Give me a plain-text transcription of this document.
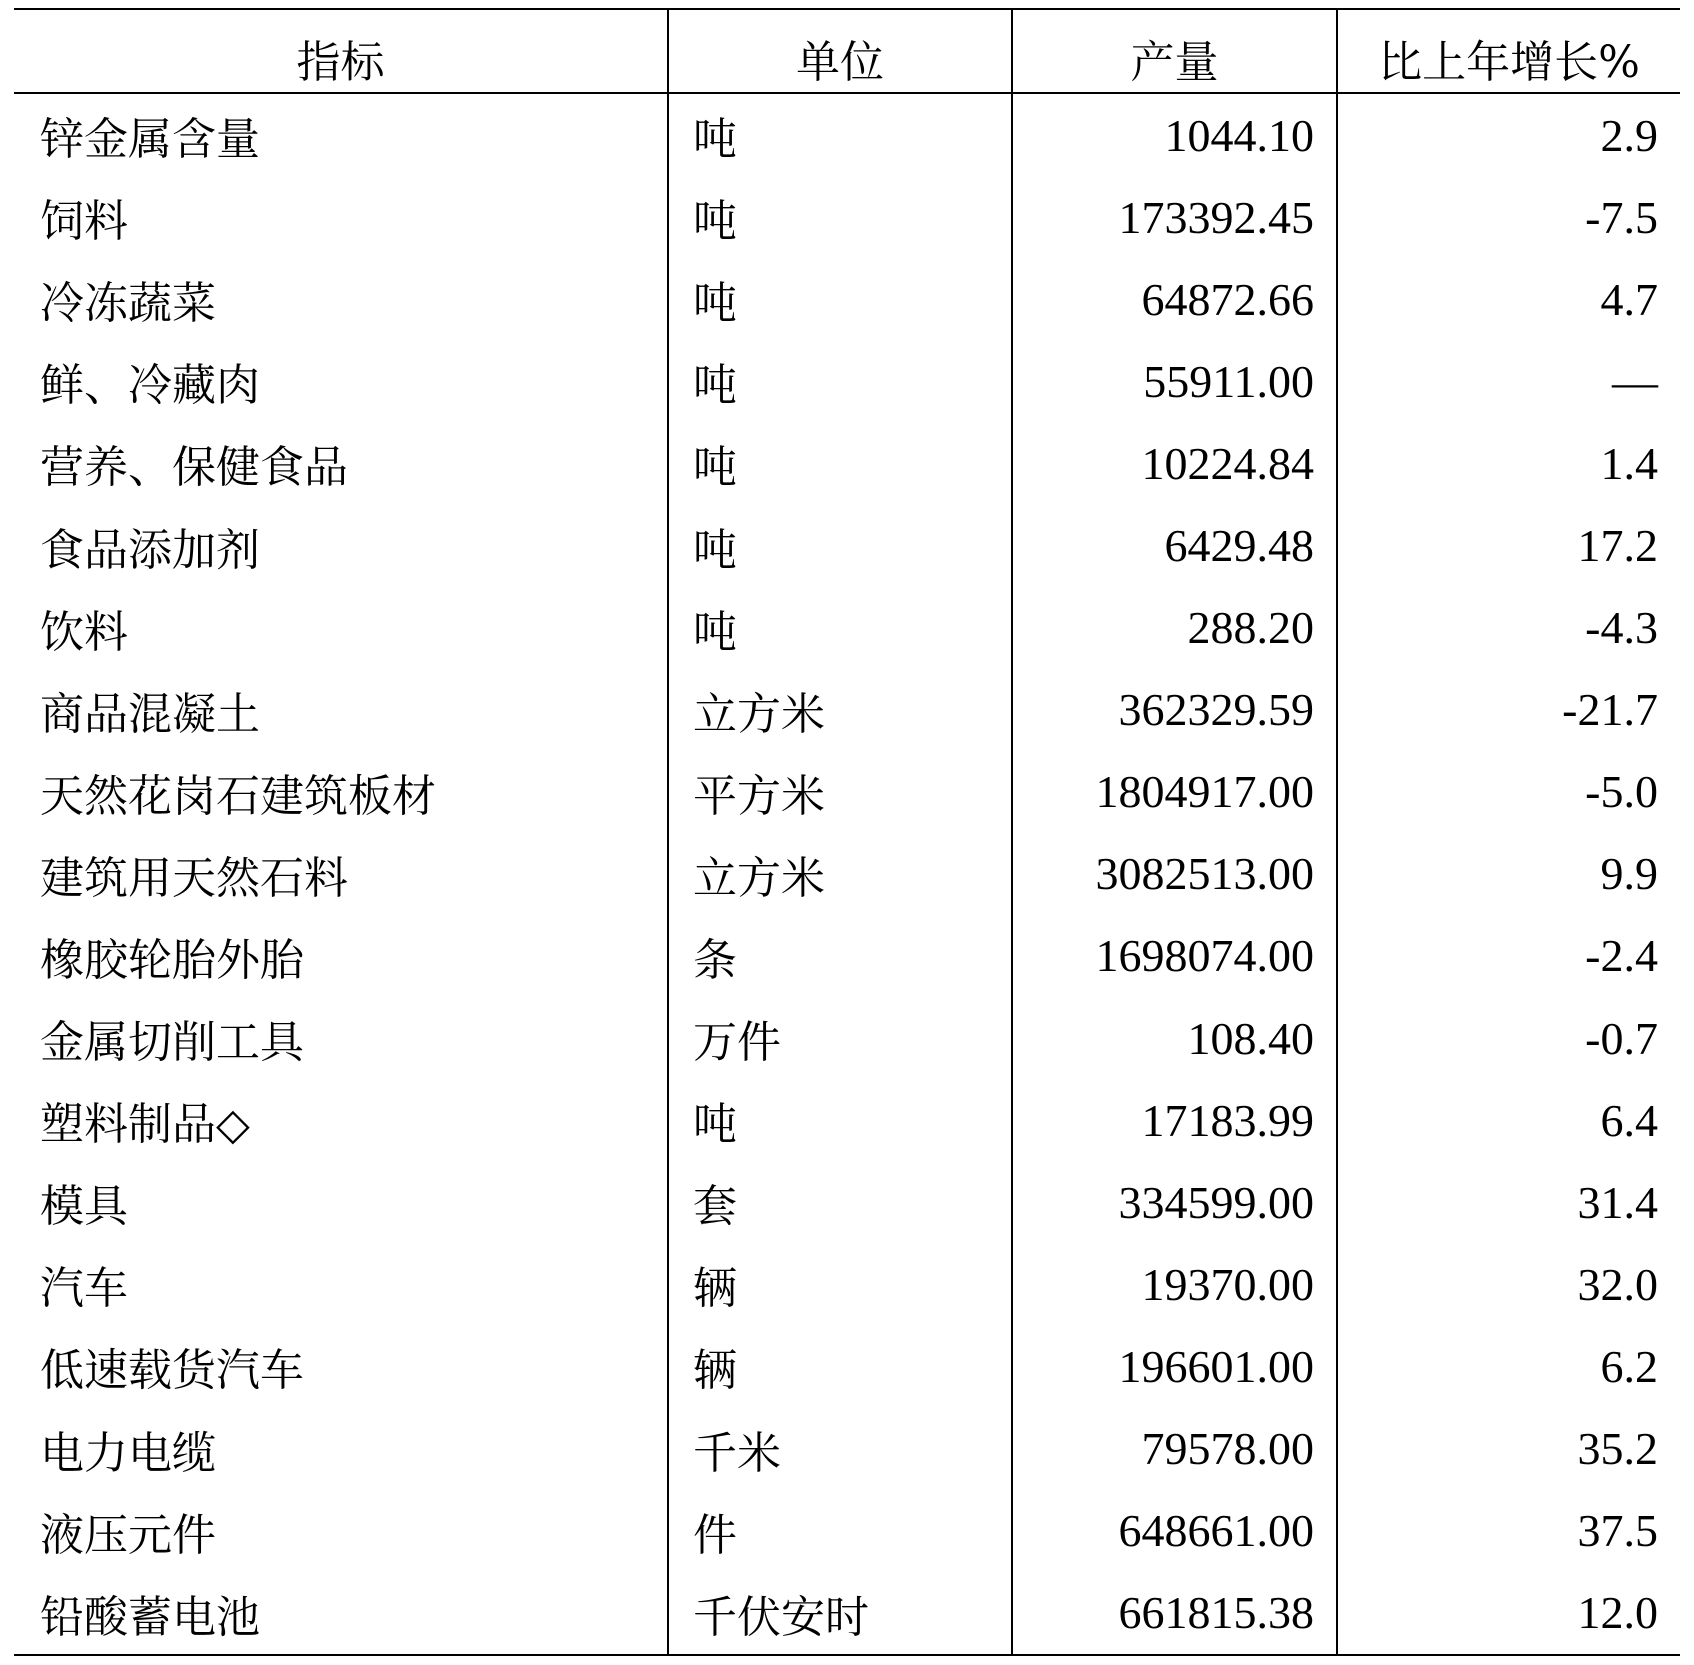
指标	单位	产量	比上年增长%
锌金属含量	吨	1044.10	2.9
饲料	吨	173392.45	-7.5
冷冻蔬菜	吨	64872.66	4.7
鲜、冷藏肉	吨	55911.00	—
营养、保健食品	吨	10224.84	1.4
食品添加剂	吨	6429.48	17.2
饮料	吨	288.20	-4.3
商品混凝土	立方米	362329.59	-21.7
天然花岗石建筑板材	平方米	1804917.00	-5.0
建筑用天然石料	立方米	3082513.00	9.9
橡胶轮胎外胎	条	1698074.00	-2.4
金属切削工具	万件	108.40	-0.7
塑料制品◇	吨	17183.99	6.4
模具	套	334599.00	31.4
汽车	辆	19370.00	32.0
低速载货汽车	辆	196601.00	6.2
电力电缆	千米	79578.00	35.2
液压元件	件	648661.00	37.5
铅酸蓄电池	千伏安时	661815.38	12.0
